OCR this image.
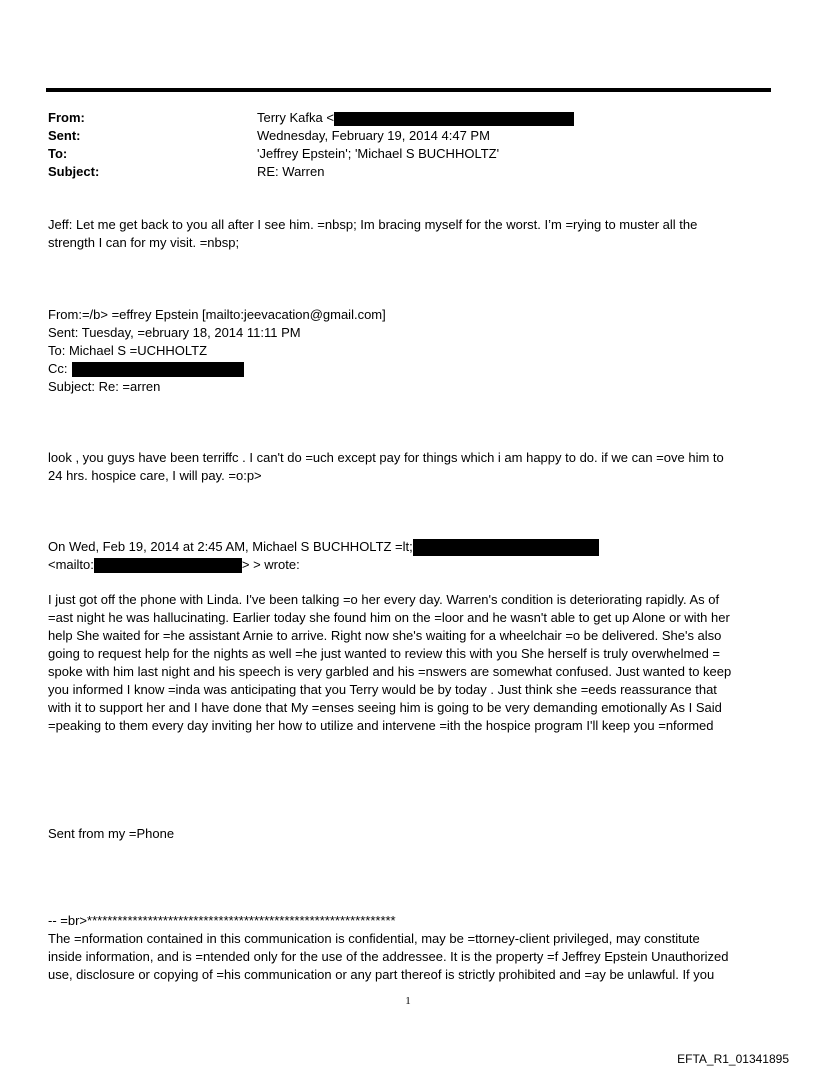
From:	Terry Kafka <
Sent:	Wednesday, February 19, 2014 4:47 PM
To:	'Jeffrey Epstein'; 'Michael S BUCHHOLTZ'
Subject:	RE: Warren
Jeff: Let me get back to you all after I see him. =nbsp; Im bracing myself for the worst. I’m =rying to muster all the
strength I can for my visit. =nbsp;
From:=/b> =effrey Epstein [mailto:jeevacation@gmail.com]
Sent: Tuesday, =ebruary 18, 2014 11:11 PM
To: Michael S =UCHHOLTZ
Cc:
Subject: Re: =arren
look , you guys have been terriffc . I can't do =uch except pay for things which i am happy to do. if we can =ove him to
24 hrs. hospice care, I will pay. =o:p>
On Wed, Feb 19, 2014 at 2:45 AM, Michael S BUCHHOLTZ =lt;
<mailto:	> > wrote:
I just got off the phone with Linda. I've been talking =o her every day. Warren's condition is deteriorating rapidly. As of
=ast night he was hallucinating. Earlier today she found him on the =loor and he wasn't able to get up Alone or with her
help She waited for =he assistant Arnie to arrive. Right now she's waiting for a wheelchair =o be delivered. She's also
going to request help for the nights as well =he just wanted to review this with you She herself is truly overwhelmed =
spoke with him last night and his speech is very garbled and his =nswers are somewhat confused. Just wanted to keep
you informed I know =inda was anticipating that you Terry would be by today . Just think she =eeds reassurance that
with it to support her and I have done that My =enses seeing him is going to be very demanding emotionally As I Said
=peaking to them every day inviting her how to utilize and intervene =ith the hospice program I'll keep you =nformed
Sent from my =Phone
-- =br>*************************************************************
The =nformation contained in this communication is confidential, may be =ttorney-client privileged, may constitute
inside information, and is =ntended only for the use of the addressee. It is the property =f Jeffrey Epstein Unauthorized
use, disclosure or copying of =his communication or any part thereof is strictly prohibited and =ay be unlawful. If you
1
EFTA_R1_01341895
